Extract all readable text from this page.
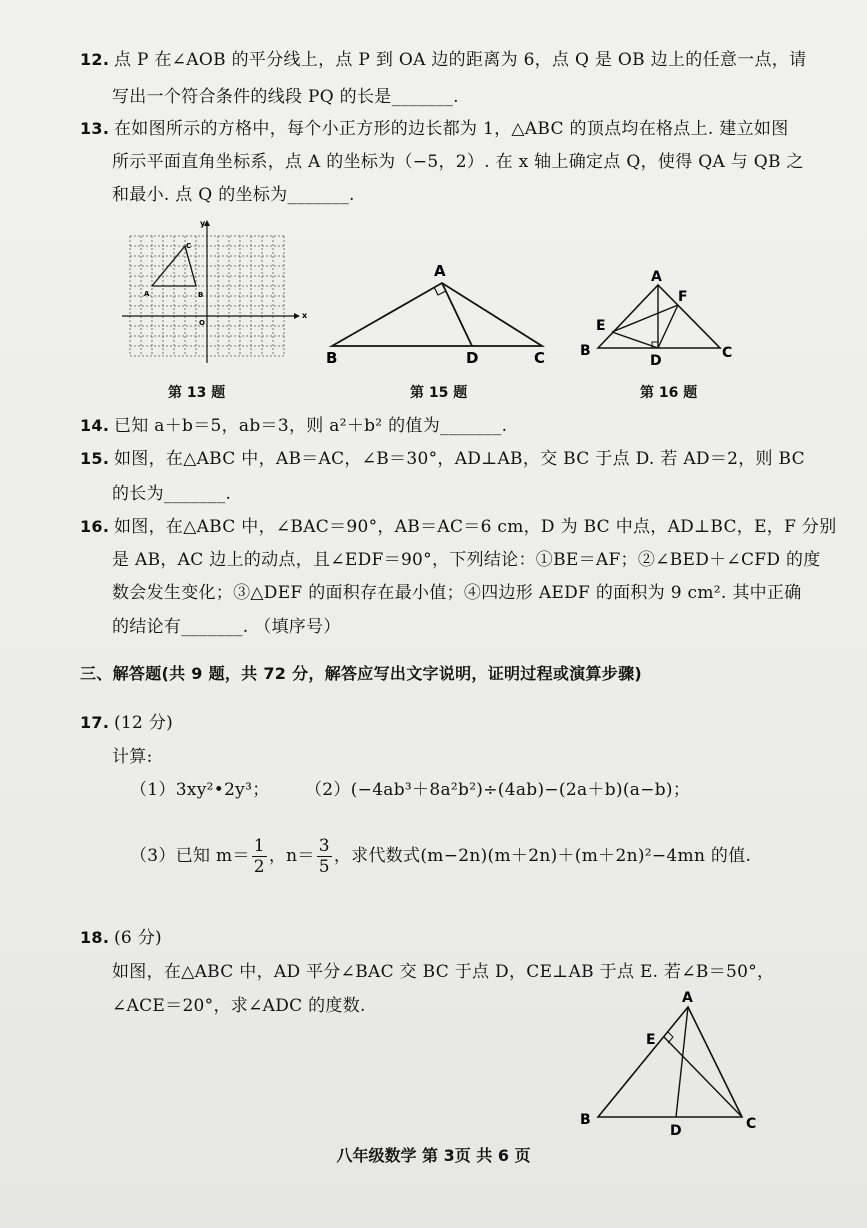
12. 点 P 在∠AOB 的平分线上，点 P 到 OA 边的距离为 6，点 Q 是 OB 边上的任意一点，请
写出一个符合条件的线段 PQ 的长是_______.
13. 在如图所示的方格中，每个小正方形的边长都为 1，△ABC 的顶点均在格点上. 建立如图
所示平面直角坐标系，点 A 的坐标为（−5，2）. 在 x 轴上确定点 Q，使得 QA 与 QB 之
和最小. 点 Q 的坐标为_______.
x
y
O
A	B
C
第 13 题
A
B	C
D
第 15 题
A
F
E
B
D	C
第 16 题
14. 已知 a＋b＝5，ab＝3，则 a²＋b² 的值为_______.
15. 如图，在△ABC 中，AB＝AC，∠B＝30°，AD⊥AB，交 BC 于点 D. 若 AD＝2，则 BC
的长为_______.
16. 如图，在△ABC 中，∠BAC＝90°，AB＝AC＝6 cm，D 为 BC 中点，AD⊥BC，E，F 分别
是 AB，AC 边上的动点，且∠EDF＝90°，下列结论：①BE＝AF；②∠BED＋∠CFD 的度
数会发生变化；③△DEF 的面积存在最小值；④四边形 AEDF 的面积为 9 cm². 其中正确
的结论有_______. （填序号）
三、解答题(共 9 题，共 72 分，解答应写出文字说明，证明过程或演算步骤)
17. (12 分)
计算:
（1）3xy²•2y³； （2）(−4ab³＋8a²b²)÷(4ab)−(2a＋b)(a−b)；
（3）已知 $m= \frac{1}{2}$ ，$n= \frac{3}{5}$ ，求代数式(m−2n)(m＋2n)＋(m＋2n)²−4mn 的值.
18. (6 分)
如图，在△ABC 中，AD 平分∠BAC 交 BC 于点 D，CE⊥AB 于点 E. 若∠B＝50°，
∠ACE＝20°，求∠ADC 的度数.	A
E
B
D	C
八年级数学 第 3页 共 6 页
